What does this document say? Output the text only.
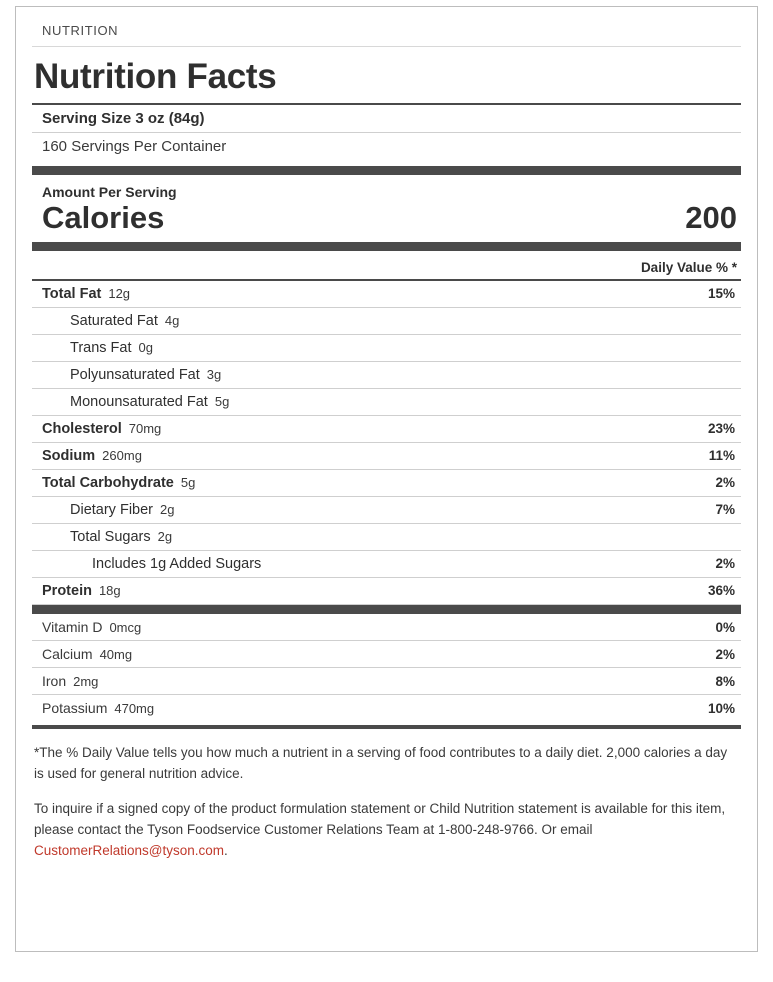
NUTRITION
Nutrition Facts
Serving Size 3 oz (84g)
160 Servings Per Container
Amount Per Serving
Calories	200
Daily Value % *
Total Fat 12g	15%
Saturated Fat 4g
Trans Fat 0g
Polyunsaturated Fat 3g
Monounsaturated Fat 5g
Cholesterol 70mg	23%
Sodium 260mg	11%
Total Carbohydrate 5g	2%
Dietary Fiber 2g	7%
Total Sugars 2g
Includes 1g Added Sugars	2%
Protein 18g	36%
Vitamin D 0mcg	0%
Calcium 40mg	2%
Iron 2mg	8%
Potassium 470mg	10%

*The % Daily Value tells you how much a nutrient in a serving of food contributes to a daily diet. 2,000 calories a day is used for general nutrition advice.

To inquire if a signed copy of the product formulation statement or Child Nutrition statement is available for this item, please contact the Tyson Foodservice Customer Relations Team at 1-800-248-9766. Or email CustomerRelations@tyson.com.
